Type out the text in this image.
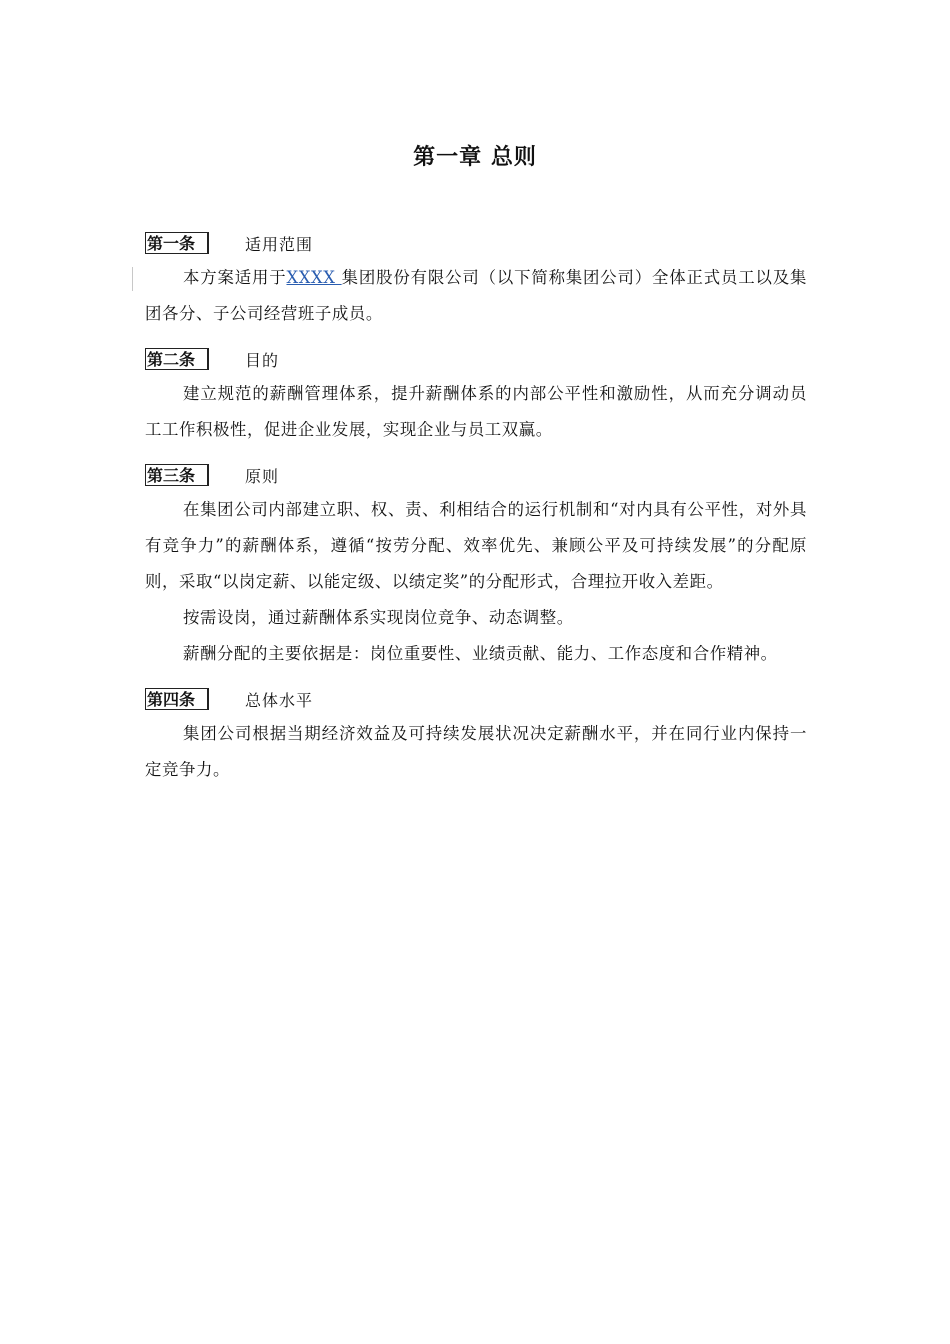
第一章 总则
第一条	适用范围

本方案适用于XXXX 集团股份有限公司（以下简称集团公司）全体正式员工以及集团各分、子公司经营班子成员。

第二条	目的

建立规范的薪酬管理体系，提升薪酬体系的内部公平性和激励性，从而充分调动员工工作积极性，促进企业发展，实现企业与员工双赢。

第三条	原则

在集团公司内部建立职、权、责、利相结合的运行机制和“对内具有公平性，对外具有竞争力”的薪酬体系，遵循“按劳分配、效率优先、兼顾公平及可持续发展”的分配原则，采取“以岗定薪、以能定级、以绩定奖”的分配形式，合理拉开收入差距。

按需设岗，通过薪酬体系实现岗位竞争、动态调整。

薪酬分配的主要依据是：岗位重要性、业绩贡献、能力、工作态度和合作精神。

第四条	总体水平

集团公司根据当期经济效益及可持续发展状况决定薪酬水平，并在同行业内保持一定竞争力。
